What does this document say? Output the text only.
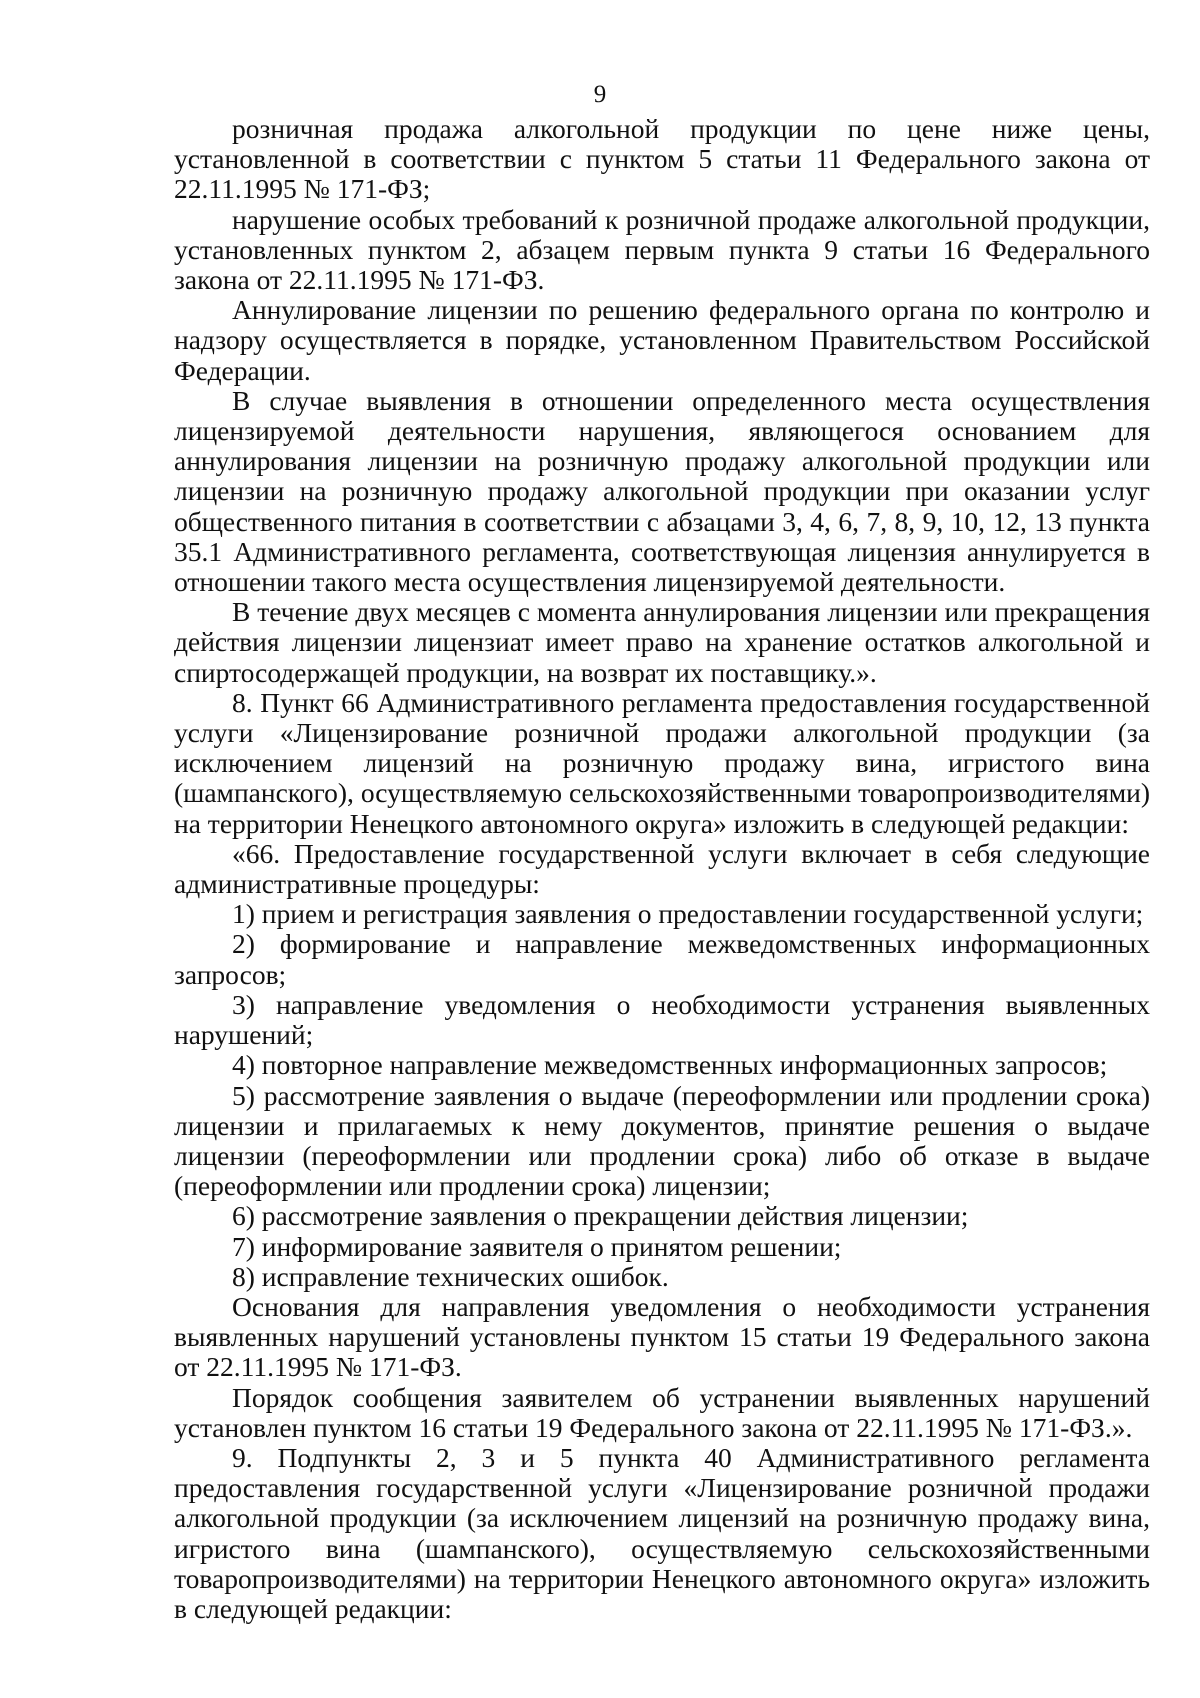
9

розничная продажа алкогольной продукции по цене ниже цены, установленной в соответствии с пунктом 5 статьи 11 Федерального закона от 22.11.1995 № 171-ФЗ;

нарушение особых требований к розничной продаже алкогольной продукции, установленных пунктом 2, абзацем первым пункта 9 статьи 16 Федерального закона от 22.11.1995 № 171-ФЗ.

Аннулирование лицензии по решению федерального органа по контролю и надзору осуществляется в порядке, установленном Правительством Российской Федерации.

В случае выявления в отношении определенного места осуществления лицензируемой деятельности нарушения, являющегося основанием для аннулирования лицензии на розничную продажу алкогольной продукции или лицензии на розничную продажу алкогольной продукции при оказании услуг общественного питания в соответствии с абзацами 3, 4, 6, 7, 8, 9, 10, 12, 13 пункта 35.1 Административного регламента, соответствующая лицензия аннулируется в отношении такого места осуществления лицензируемой деятельности.

В течение двух месяцев с момента аннулирования лицензии или прекращения действия лицензии лицензиат имеет право на хранение остатков алкогольной и спиртосодержащей продукции, на возврат их поставщику.».

8. Пункт 66 Административного регламента предоставления государственной услуги «Лицензирование розничной продажи алкогольной продукции (за исключением лицензий на розничную продажу вина, игристого вина (шампанского), осуществляемую сельскохозяйственными товаропроизводителями) на территории Ненецкого автономного округа» изложить в следующей редакции:

«66. Предоставление государственной услуги включает в себя следующие административные процедуры:

1) прием и регистрация заявления о предоставлении государственной услуги;

2) формирование и направление межведомственных информационных запросов;

3) направление уведомления о необходимости устранения выявленных нарушений;

4) повторное направление межведомственных информационных запросов;

5) рассмотрение заявления о выдаче (переоформлении или продлении срока) лицензии и прилагаемых к нему документов, принятие решения о выдаче лицензии (переоформлении или продлении срока) либо об отказе в выдаче (переоформлении или продлении срока) лицензии;

6) рассмотрение заявления о прекращении действия лицензии;

7) информирование заявителя о принятом решении;

8) исправление технических ошибок.

Основания для направления уведомления о необходимости устранения выявленных нарушений установлены пунктом 15 статьи 19 Федерального закона от 22.11.1995 № 171-ФЗ.

Порядок сообщения заявителем об устранении выявленных нарушений установлен пунктом 16 статьи 19 Федерального закона от 22.11.1995 № 171-ФЗ.».

9. Подпункты 2, 3 и 5 пункта 40 Административного регламента предоставления государственной услуги «Лицензирование розничной продажи алкогольной продукции (за исключением лицензий на розничную продажу вина, игристого вина (шампанского), осуществляемую сельскохозяйственными товаропроизводителями) на территории Ненецкого автономного округа» изложить в следующей редакции:
